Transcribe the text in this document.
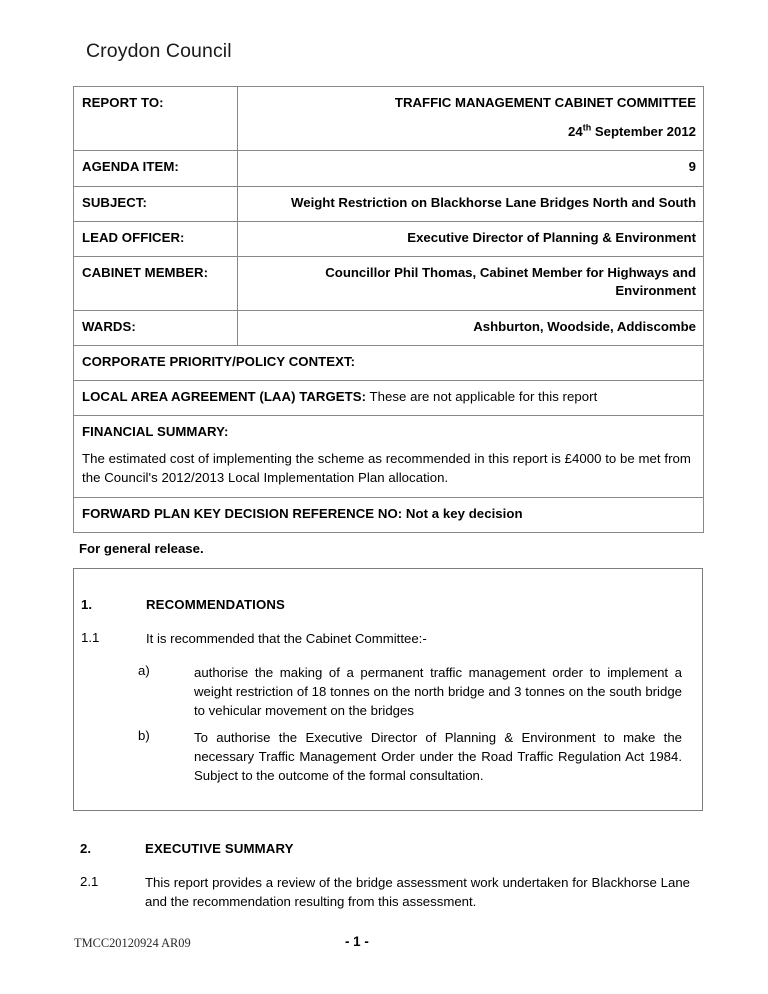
Croydon Council
REPORT TO:	TRAFFIC MANAGEMENT CABINET COMMITTEE
24th September 2012

AGENDA ITEM:	9
SUBJECT:	Weight Restriction on Blackhorse Lane Bridges North and South
LEAD OFFICER:	Executive Director of Planning & Environment
CABINET MEMBER:	Councillor Phil Thomas, Cabinet Member for Highways and Environment
WARDS:	Ashburton, Woodside, Addiscombe
CORPORATE PRIORITY/POLICY CONTEXT:	
LOCAL AREA AGREEMENT (LAA) TARGETS: These are not applicable for this report	

FINANCIAL SUMMARY:
The estimated cost of implementing the scheme as recommended in this report is £4000 to be met from the Council's 2012/2013 Local Implementation Plan allocation.	

FORWARD PLAN KEY DECISION REFERENCE NO: Not a key decision	
For general release.
1.	RECOMMENDATIONS
1.1	It is recommended that the Cabinet Committee:-
a)	authorise the making of a permanent traffic management order to implement a weight restriction of 18 tonnes on the north bridge and 3 tonnes on the south bridge to vehicular movement on the bridges
b)	To authorise the Executive Director of Planning & Environment to make the necessary Traffic Management Order under the Road Traffic Regulation Act 1984. Subject to the outcome of the formal consultation.
2.	EXECUTIVE SUMMARY
2.1	This report provides a review of the bridge assessment work undertaken for Blackhorse Lane and the recommendation resulting from this assessment.
TMCC20120924 AR09	- 1 -
